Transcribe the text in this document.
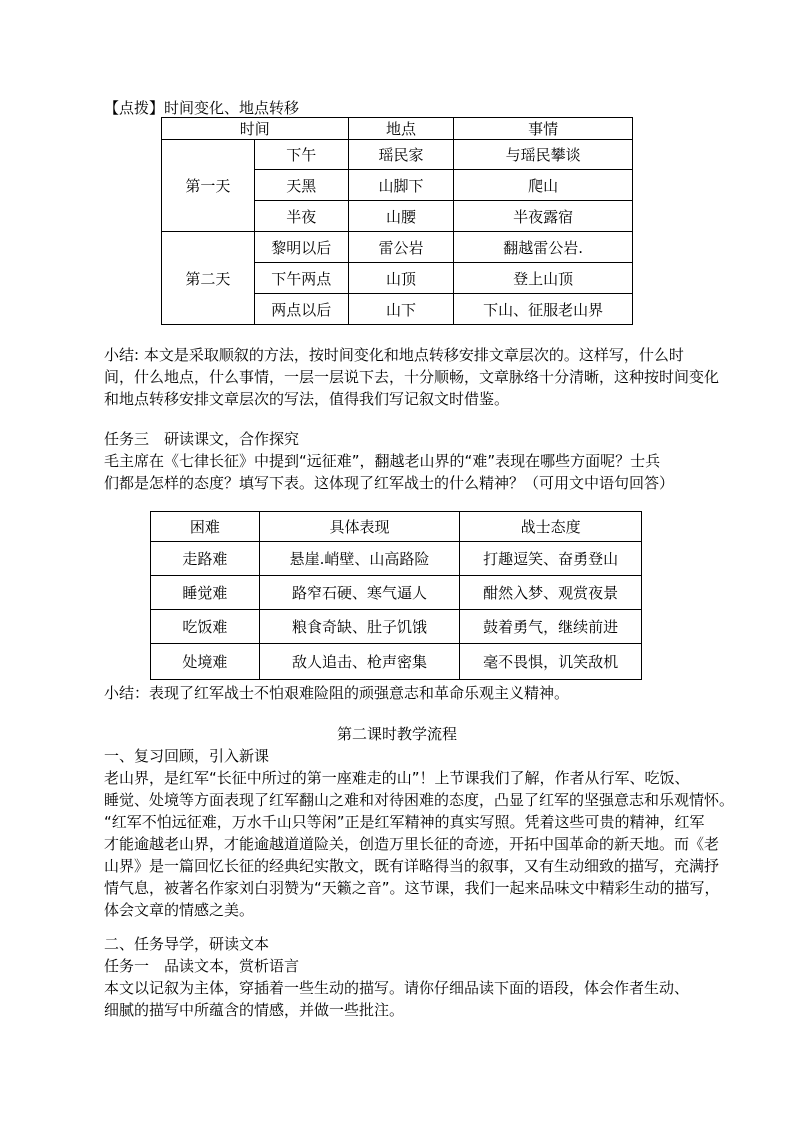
【点拨】时间变化、地点转移
时间		地点	事情
第一天	下午	瑶民家	与瑶民攀谈
	天黑	山脚下	爬山
	半夜	山腰	半夜露宿
第二天	黎明以后	雷公岩	翻越雷公岩.
	下午两点	山顶	登上山顶
	两点以后	山下	下山、征服老山界
小结: 本文是采取顺叙的方法，按时间变化和地点转移安排文章层次的。这样写，什么时
间，什么地点，什么事情，一层一层说下去，十分顺畅，文章脉络十分清晰，这种按时间变化
和地点转移安排文章层次的写法，值得我们写记叙文时借鉴。
任务三　研读课文，合作探究
毛主席在《七律长征》中提到“远征难”，翻越老山界的“难”表现在哪些方面呢？士兵
们都是怎样的态度？填写下表。这体现了红军战士的什么精神？（可用文中语句回答）
困难	具体表现	战士态度
走路难	悬崖.峭壁、山高路险	打趣逗笑、奋勇登山
睡觉难	路窄石硬、寒气逼人	酣然入梦、观赏夜景
吃饭难	粮食奇缺、肚子饥饿	鼓着勇气，继续前进
处境难	敌人追击、枪声密集	毫不畏惧，讥笑敌机
小结：表现了红军战士不怕艰难险阻的顽强意志和革命乐观主义精神。
第二课时教学流程
一、复习回顾，引入新课
老山界，是红军“长征中所过的第一座难走的山”！上节课我们了解，作者从行军、吃饭、
睡觉、处境等方面表现了红军翻山之难和对待困难的态度，凸显了红军的坚强意志和乐观情怀。
“红军不怕远征难，万水千山只等闲”正是红军精神的真实写照。凭着这些可贵的精神，红军
才能逾越老山界，才能逾越道道险关，创造万里长征的奇迹，开拓中国革命的新天地。而《老
山界》是一篇回忆长征的经典纪实散文，既有详略得当的叙事，又有生动细致的描写，充满抒
情气息，被著名作家刘白羽赞为“天籁之音”。这节课，我们一起来品味文中精彩生动的描写，
体会文章的情感之美。
二、任务导学，研读文本
任务一　品读文本，赏析语言
本文以记叙为主体，穿插着一些生动的描写。请你仔细品读下面的语段，体会作者生动、
细腻的描写中所蕴含的情感，并做一些批注。
